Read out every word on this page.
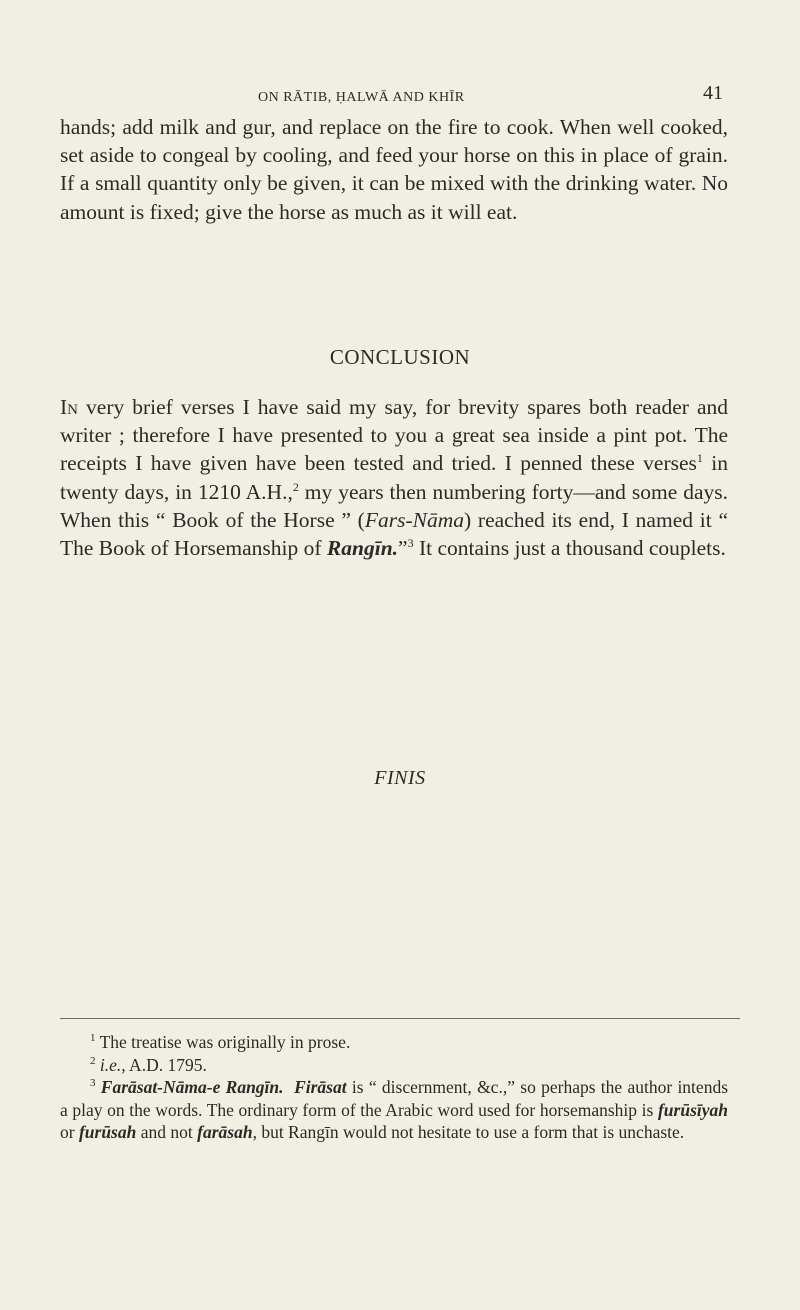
ON RĀTIB, ḤALWĀ AND KHĪR	41

hands; add milk and gur, and replace on the fire to cook. When well cooked, set aside to congeal by cooling, and feed your horse on this in place of grain. If a small quantity only be given, it can be mixed with the drinking water. No amount is fixed; give the horse as much as it will eat.

CONCLUSION

In very brief verses I have said my say, for brevity spares both reader and writer ; therefore I have presented to you a great sea inside a pint pot. The receipts I have given have been tested and tried. I penned these verses$^1$ in twenty days, in 1210 A.H.,$^2$ my years then numbering forty—and some days. When this “ Book of the Horse ” (Fars-Nāma) reached its end, I named it “ The Book of Horsemanship of Rangīn.”$^3$ It contains just a thousand couplets.

FINIS

$^1$ The treatise was originally in prose.

$^2$ i.e., A.D. 1795.

$^3$ Farāsat-Nāma-e Rangīn. Firāsat is “ discernment, &c.,” so perhaps the author intends a play on the words. The ordinary form of the Arabic word used for horsemanship is furūsīyah or furūsah and not farāsah, but Rangīn would not hesitate to use a form that is unchaste.
